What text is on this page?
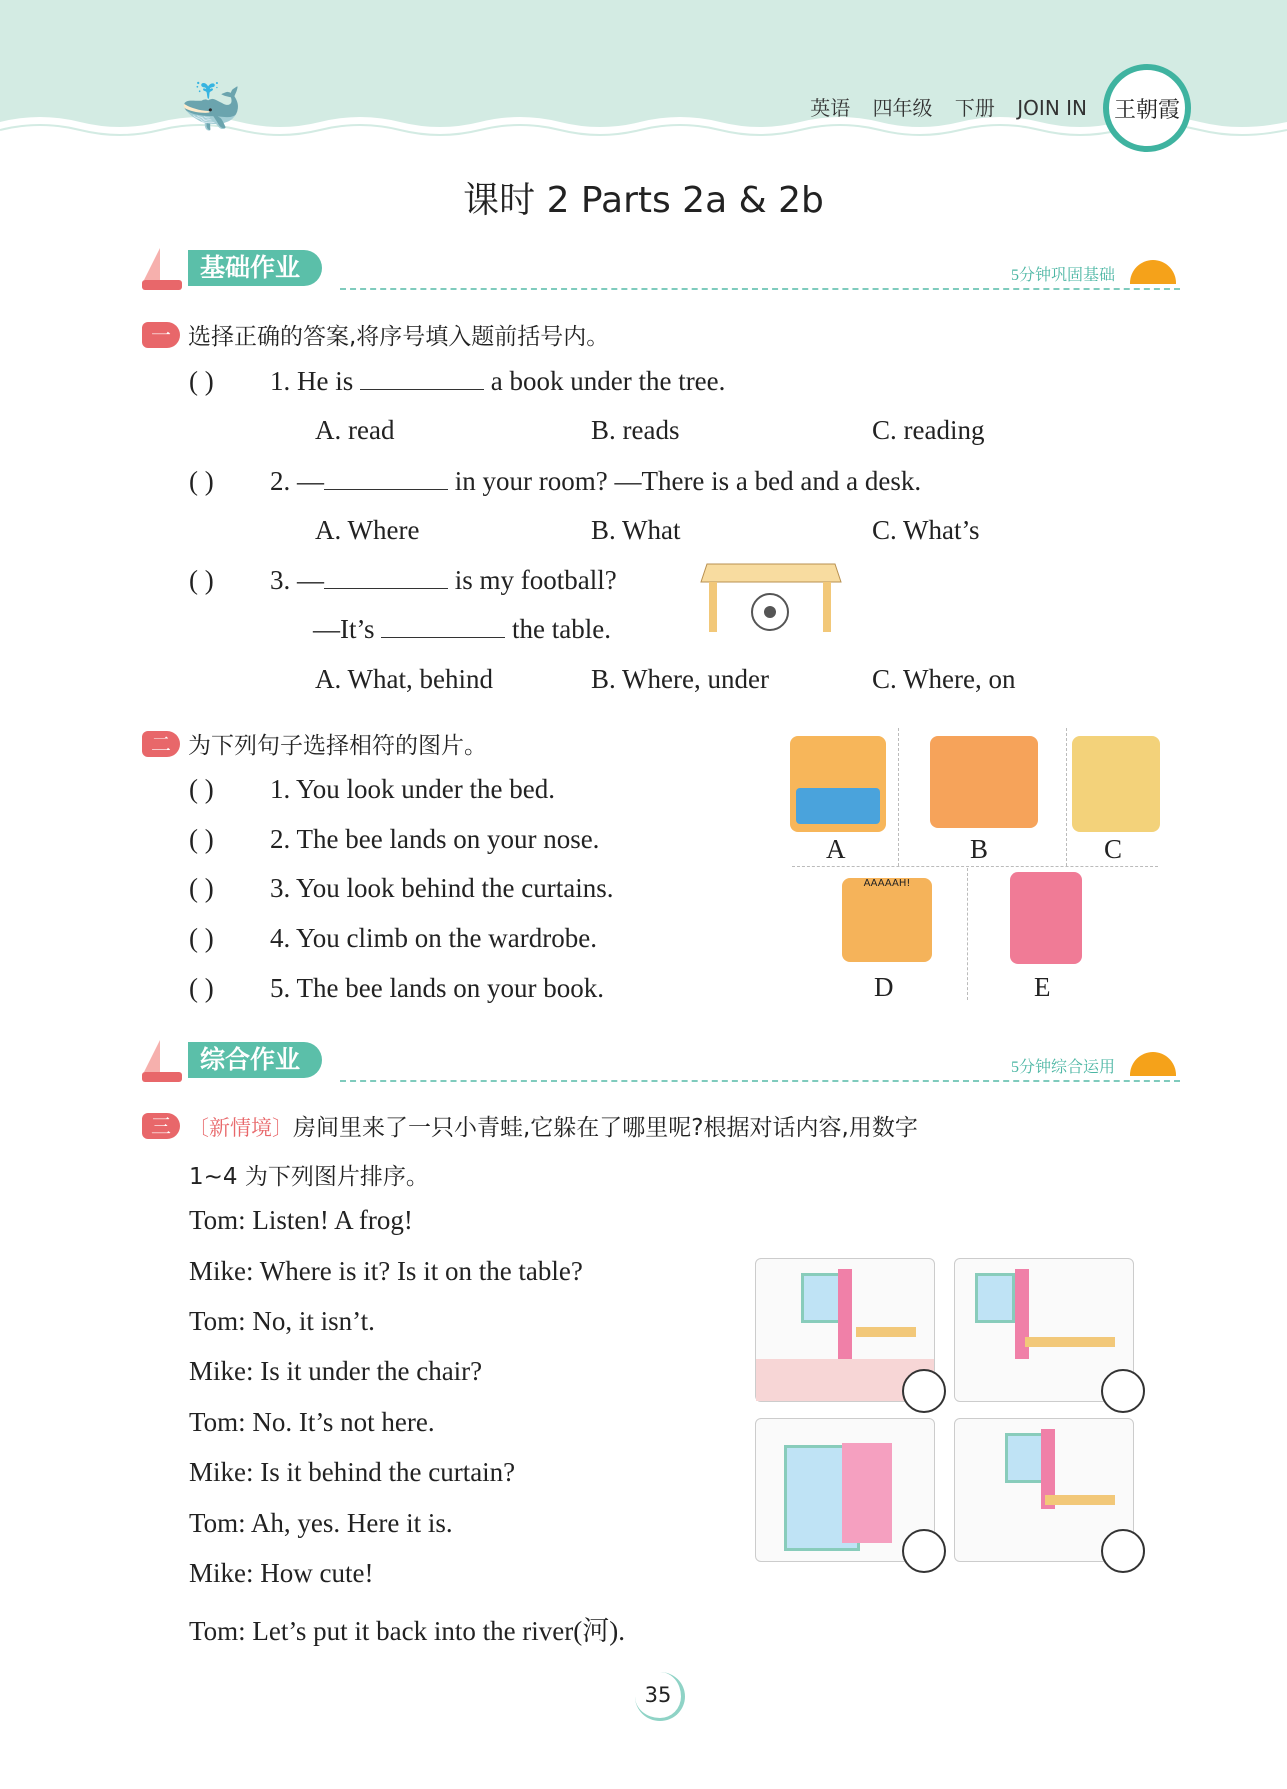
🐳	英语 四年级 下册 JOIN IN	王朝霞
课时 2 Parts 2a & 2b
基础作业	5分钟巩固基础
一 选择正确的答案,将序号填入题前括号内。
( ) 1. He is	a book under the tree.
A. read	B. reads	C. reading
( ) 2. —	in your room? —There is a bed and a desk.
A. Where	B. What	C. What’s
( ) 3. —	is my football?
—It’s	the table.
A. What, behind	B. Where, under	C. Where, on
二 为下列句子选择相符的图片。
( ) 1. You look under the bed.
( ) 2. The bee lands on your nose.
( ) 3. You look behind the curtains.
( ) 4. You climb on the wardrobe.
( ) 5. The bee lands on your book.
AAAAAH!
A	B	C
D	E
综合作业	5分钟综合运用
三 〔新情境〕房间里来了一只小青蛙,它躲在了哪里呢?根据对话内容,用数字
1~4 为下列图片排序。
Tom: Listen! A frog!
Mike: Where is it? Is it on the table?
Tom: No, it isn’t.
Mike: Is it under the chair?
Tom: No. It’s not here.
Mike: Is it behind the curtain?
Tom: Ah, yes. Here it is.
Mike: How cute!
Tom: Let’s put it back into the river(河).
35
